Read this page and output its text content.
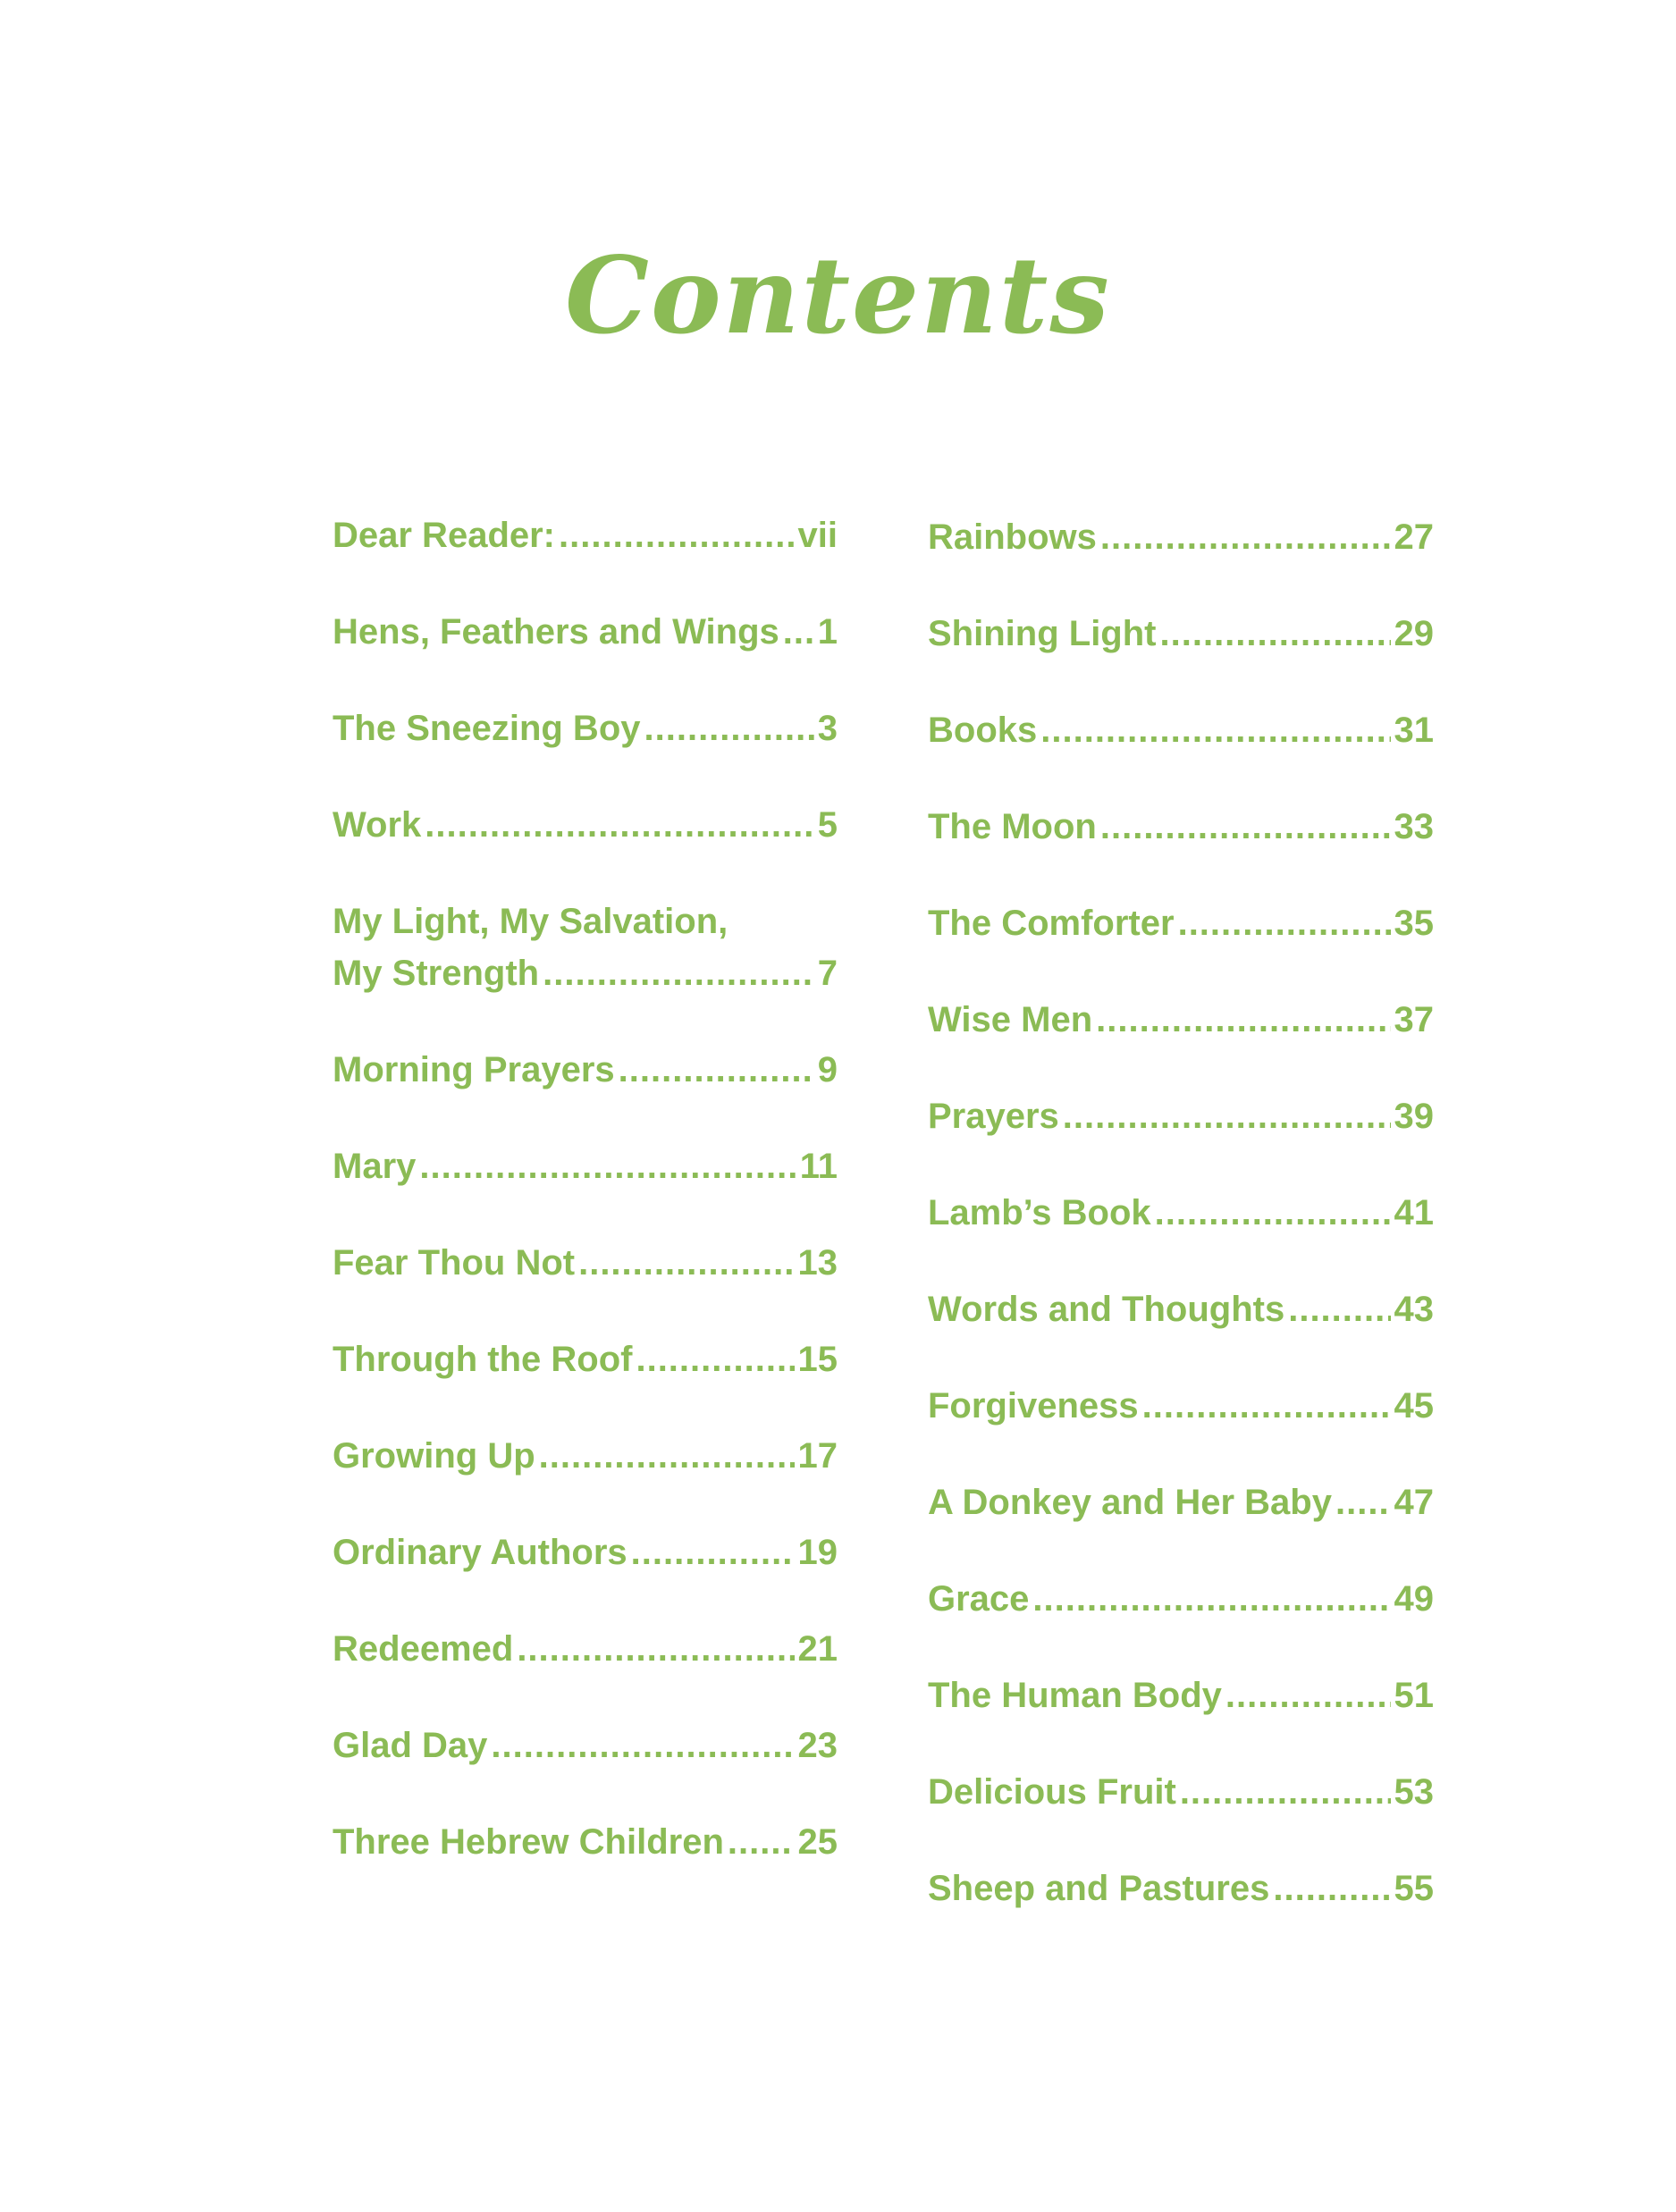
Contents
Dear Reader: .....	vii
Hens, Feathers and Wings ..... 1
The Sneezing Boy .....	3
Work .....	5
My Light, My Salvation,
My Strength .....	7
Morning Prayers .....	9
Mary .....	11
Fear Thou Not .....	13
Through the Roof .....	15
Growing Up .....	17
Ordinary Authors .....	19
Redeemed .....	21
Glad Day .....	23
Three Hebrew Children ..... 25
Rainbows .....	27
Shining Light .....	29
Books .....	31
The Moon .....	33
The Comforter .....	35
Wise Men .....	37
Prayers .....	39
Lamb’s Book .....	41
Words and Thoughts .....	43
Forgiveness .....	45
A Donkey and Her Baby ..... 47
Grace .....	49
The Human Body .....	51
Delicious Fruit .....	53
Sheep and Pastures .....	55
